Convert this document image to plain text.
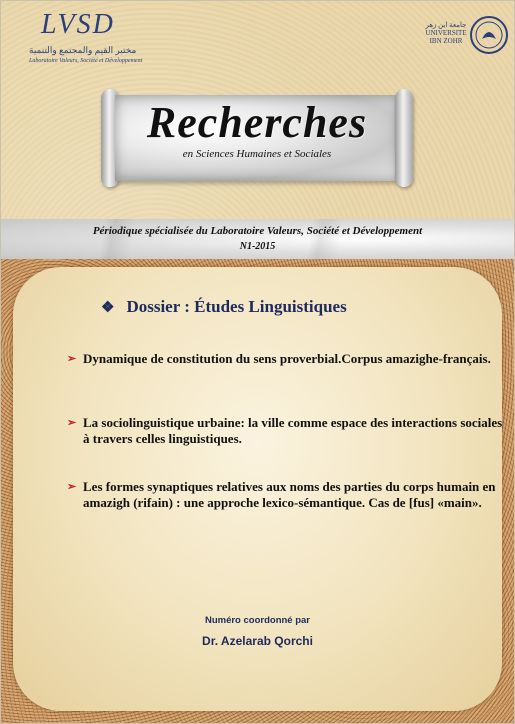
LVSD
مختبر القيم والمجتمع والتنمية
Laboratoire Valeurs, Société et Développement
جامعة ابن زهر
UNIVERSITE IBN ZOHR
Recherches
en Sciences Humaines et Sociales
Périodique spécialisée du Laboratoire Valeurs, Société et Développement
N1-2015
❖ Dossier : Études Linguistiques
➢ Dynamique de constitution du sens proverbial.Corpus amazighe-français.
➢ La sociolinguistique urbaine: la ville comme espace des interactions sociales à travers celles linguistiques.
➢ Les formes synaptiques relatives aux noms des parties du corps humain en amazigh (rifain) : une approche lexico-sémantique. Cas de [fus] «main».
Numéro coordonné par
Dr. Azelarab Qorchi
